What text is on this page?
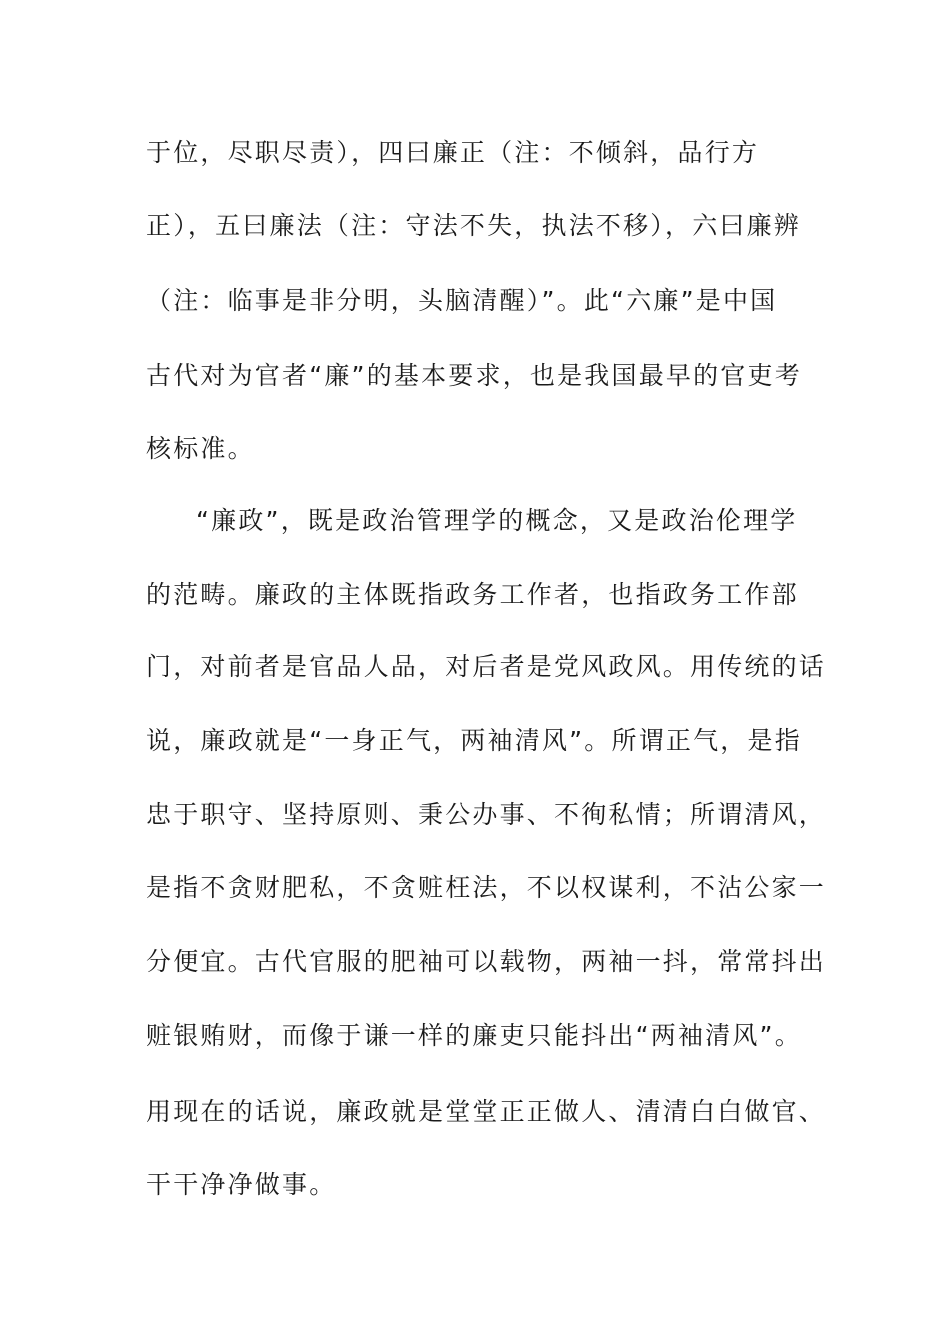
于位，尽职尽责），四曰廉正（注：不倾斜，品行方
正），五曰廉法（注：守法不失，执法不移），六曰廉辨
（注：临事是非分明，头脑清醒）”。此“六廉”是中国
古代对为官者“廉”的基本要求，也是我国最早的官吏考
核标准。
“廉政”，既是政治管理学的概念，又是政治伦理学
的范畴。廉政的主体既指政务工作者，也指政务工作部
门，对前者是官品人品，对后者是党风政风。用传统的话
说，廉政就是“一身正气，两袖清风”。所谓正气，是指
忠于职守、坚持原则、秉公办事、不徇私情；所谓清风，
是指不贪财肥私，不贪赃枉法，不以权谋利，不沾公家一
分便宜。古代官服的肥袖可以载物，两袖一抖，常常抖出
赃银贿财，而像于谦一样的廉吏只能抖出“两袖清风”。
用现在的话说，廉政就是堂堂正正做人、清清白白做官、
干干净净做事。
